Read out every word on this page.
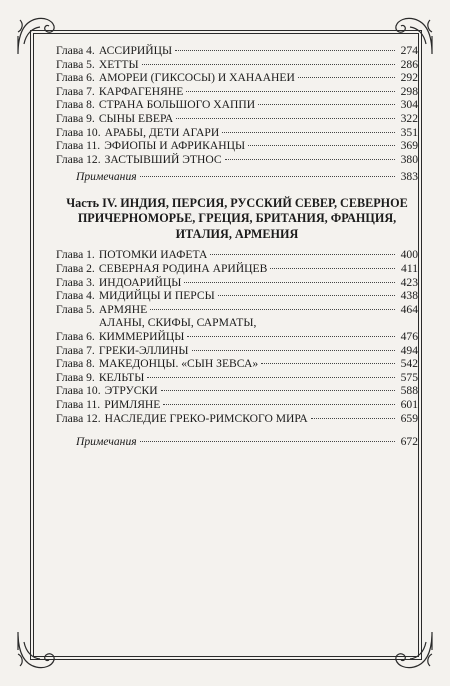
Глава 4. АССИРИЙЦЫ	274
Глава 5. ХЕТТЫ	286
Глава 6. АМОРЕИ (ГИКСОСЫ) И ХАНААНЕИ	292
Глава 7. КАРФАГЕНЯНЕ	298
Глава 8. СТРАНА БОЛЬШОГО ХАППИ	304
Глава 9. СЫНЫ ЕВЕРА	322
Глава 10. АРАБЫ, ДЕТИ АГАРИ	351
Глава 11. ЭФИОПЫ И АФРИКАНЦЫ	369
Глава 12. ЗАСТЫВШИЙ ЭТНОС	380
Примечания	383
Часть IV. ИНДИЯ, ПЕРСИЯ, РУССКИЙ СЕВЕР, СЕВЕРНОЕ ПРИЧЕРНОМОРЬЕ, ГРЕЦИЯ, БРИТАНИЯ, ФРАНЦИЯ, ИТАЛИЯ, АРМЕНИЯ
Глава 1. ПОТОМКИ ИАФЕТА	400
Глава 2. СЕВЕРНАЯ РОДИНА АРИЙЦЕВ	411
Глава 3. ИНДОАРИЙЦЫ	423
Глава 4. МИДИЙЦЫ И ПЕРСЫ	438
Глава 5. АРМЯНЕ	464
Глава 6.
АЛАНЫ, СКИФЫ, САРМАТЫ,
КИММЕРИЙЦЫ	476
Глава 7. ГРЕКИ-ЭЛЛИНЫ	494
Глава 8. МАКЕДОНЦЫ. «СЫН ЗЕВСА»	542
Глава 9. КЕЛЬТЫ	575
Глава 10. ЭТРУСКИ	588
Глава 11. РИМЛЯНЕ	601
Глава 12. НАСЛЕДИЕ ГРЕКО-РИМСКОГО МИРА	659
Примечания	672
